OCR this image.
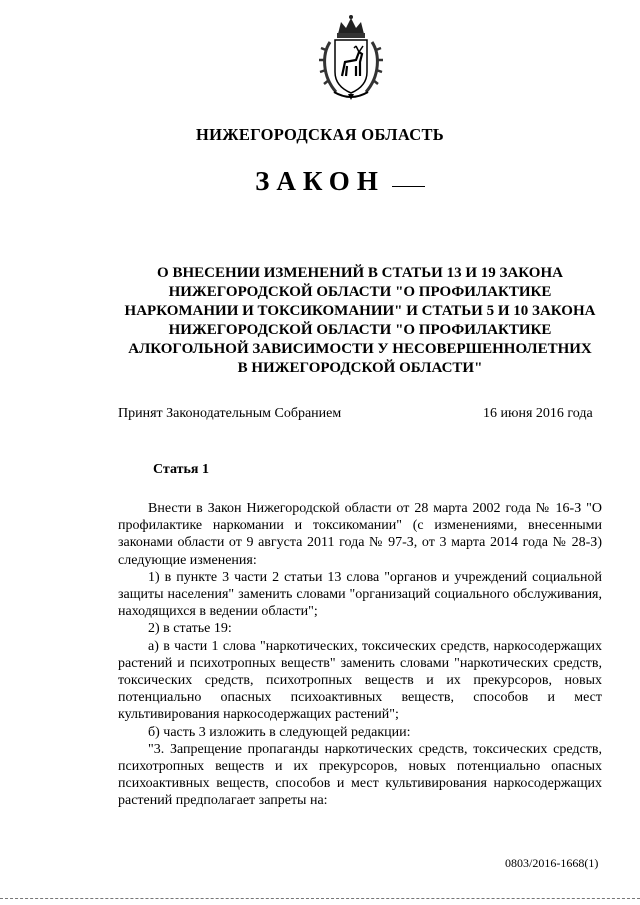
НИЖЕГОРОДСКАЯ ОБЛАСТЬ
ЗАКОН
О ВНЕСЕНИИ ИЗМЕНЕНИЙ В СТАТЬИ 13 И 19 ЗАКОНА
НИЖЕГОРОДСКОЙ ОБЛАСТИ "О ПРОФИЛАКТИКЕ
НАРКОМАНИИ И ТОКСИКОМАНИИ" И СТАТЬИ 5 И 10 ЗАКОНА
НИЖЕГОРОДСКОЙ ОБЛАСТИ "О ПРОФИЛАКТИКЕ
АЛКОГОЛЬНОЙ ЗАВИСИМОСТИ У НЕСОВЕРШЕННОЛЕТНИХ
В НИЖЕГОРОДСКОЙ ОБЛАСТИ"
Принят Законодательным Собранием	16 июня 2016 года
Статья 1

Внести в Закон Нижегородской области от 28 марта 2002 года № 16-З "О профилактике наркомании и токсикомании" (с изменениями, внесенными законами области от 9 августа 2011 года № 97-З, от 3 марта 2014 года № 28-З) следующие изменения:

1) в пункте 3 части 2 статьи 13 слова "органов и учреждений социальной защиты населения" заменить словами "организаций социального обслуживания, находящихся в ведении области";

2) в статье 19:

а) в части 1 слова "наркотических, токсических средств, наркосодержащих растений и психотропных веществ" заменить словами "наркотических средств, токсических средств, психотропных веществ и их прекурсоров, новых потенциально опасных психоактивных веществ, способов и мест культивирования наркосодержащих растений";

б) часть 3 изложить в следующей редакции:

"3. Запрещение пропаганды наркотических средств, токсических средств, психотропных веществ и их прекурсоров, новых потенциально опасных психоактивных веществ, способов и мест культивирования наркосодержащих растений предполагает запреты на:

0803/2016-1668(1)
